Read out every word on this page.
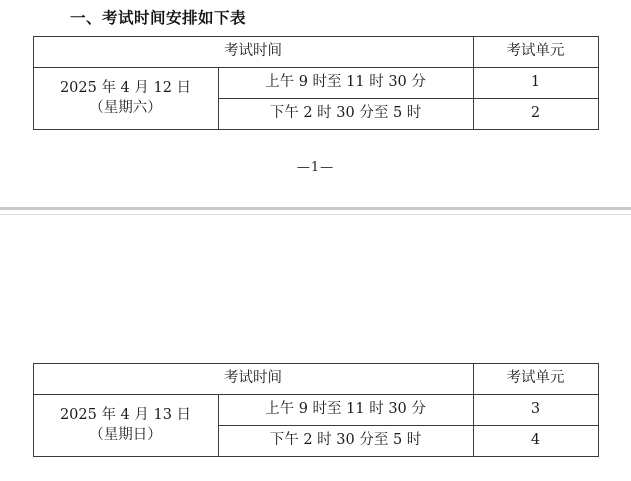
一、考试时间安排如下表
考试时间		考试单元

2025 年 4 月 12 日
（星期六）	上午 9 时至 11 时 30 分	1
	下午 2 时 30 分至 5 时	2
—1—
考试时间		考试单元

2025 年 4 月 13 日
（星期日）	上午 9 时至 11 时 30 分	3
	下午 2 时 30 分至 5 时	4
